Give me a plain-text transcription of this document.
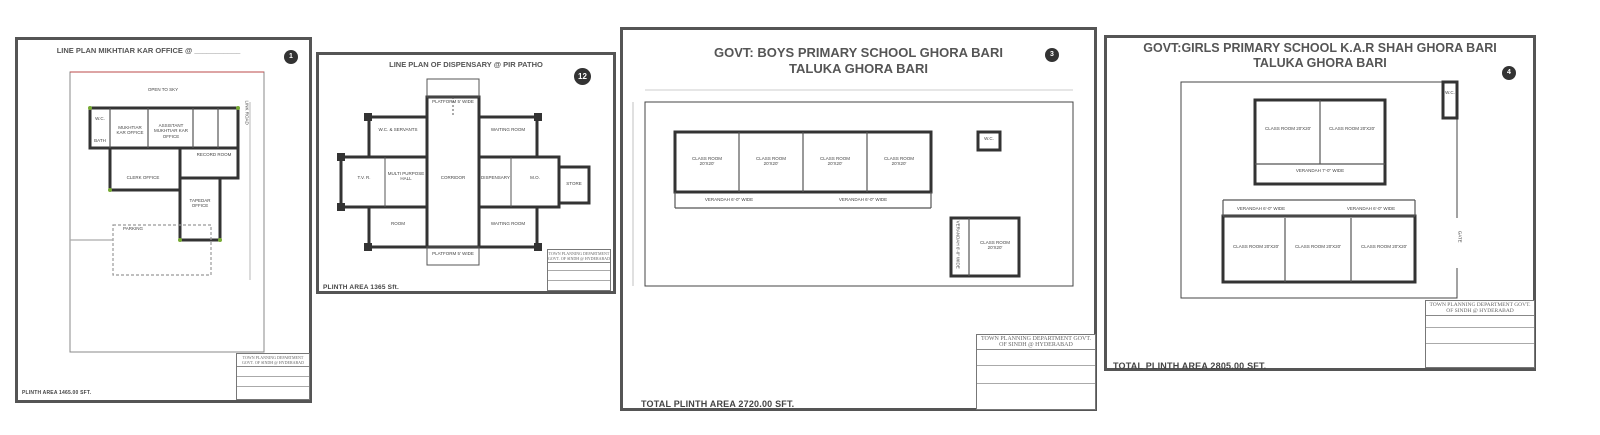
LINE PLAN MIKHTIAR KAR OFFICE @ ___________
1
OPEN TO SKY
MUKHTIAR KAR OFFICE
ASSISTANT MUKHTIAR KAR OFFICE
RECORD ROOM
CLERK OFFICE
TAPEDAR OFFICE
W.C.
BATH
PARKING
LINK ROAD
TOWN PLANNING DEPARTMENT GOVT. OF SINDH @ HYDERABAD
PLINTH AREA 1465.00 SFT.
LINE PLAN OF DISPENSARY @ PIR PATHO
12
PLATFORM 5' WIDE
W.C. & SERVANTS	WAITING ROOM
T.V. R.
MULTI PURPOSE HALL	CORRIDOR	DISPENSARY	M.O.
STORE
ROOM	WAITING ROOM
PLATFORM 5' WIDE	TOWN PLANNING DEPARTMENT GOVT. OF SINDH @ HYDERABAD
PLINTH AREA 1365 Sft.
GOVT: BOYS PRIMARY SCHOOL GHORA BARI
TALUKA GHORA BARI
3
CLASS ROOM 20'X20'
CLASS ROOM 20'X20'
CLASS ROOM 20'X20'
CLASS ROOM 20'X20'
VERANDAH 6'-0" WIDE	VERANDAH 6'-0" WIDE
CLASS ROOM 20'X20'
VERANDAH 6'-0" WIDE
W.C.
TOWN PLANNING DEPARTMENT GOVT. OF SINDH @ HYDERABAD
TOTAL PLINTH AREA 2720.00 SFT.
GOVT:GIRLS PRIMARY SCHOOL K.A.R SHAH GHORA BARI
TALUKA GHORA BARI
4
CLASS ROOM 20'X20'	CLASS ROOM 20'X20'
VERANDAH 7'-0" WIDE
VERANDAH 6'-0" WIDE	VERANDAH 6'-0" WIDE
CLASS ROOM 20'X20'	CLASS ROOM 20'X20'	CLASS ROOM 20'X20'
GATE
W.C.
TOWN PLANNING DEPARTMENT GOVT. OF SINDH @ HYDERABAD
TOTAL PLINTH AREA 2805.00 SFT.
